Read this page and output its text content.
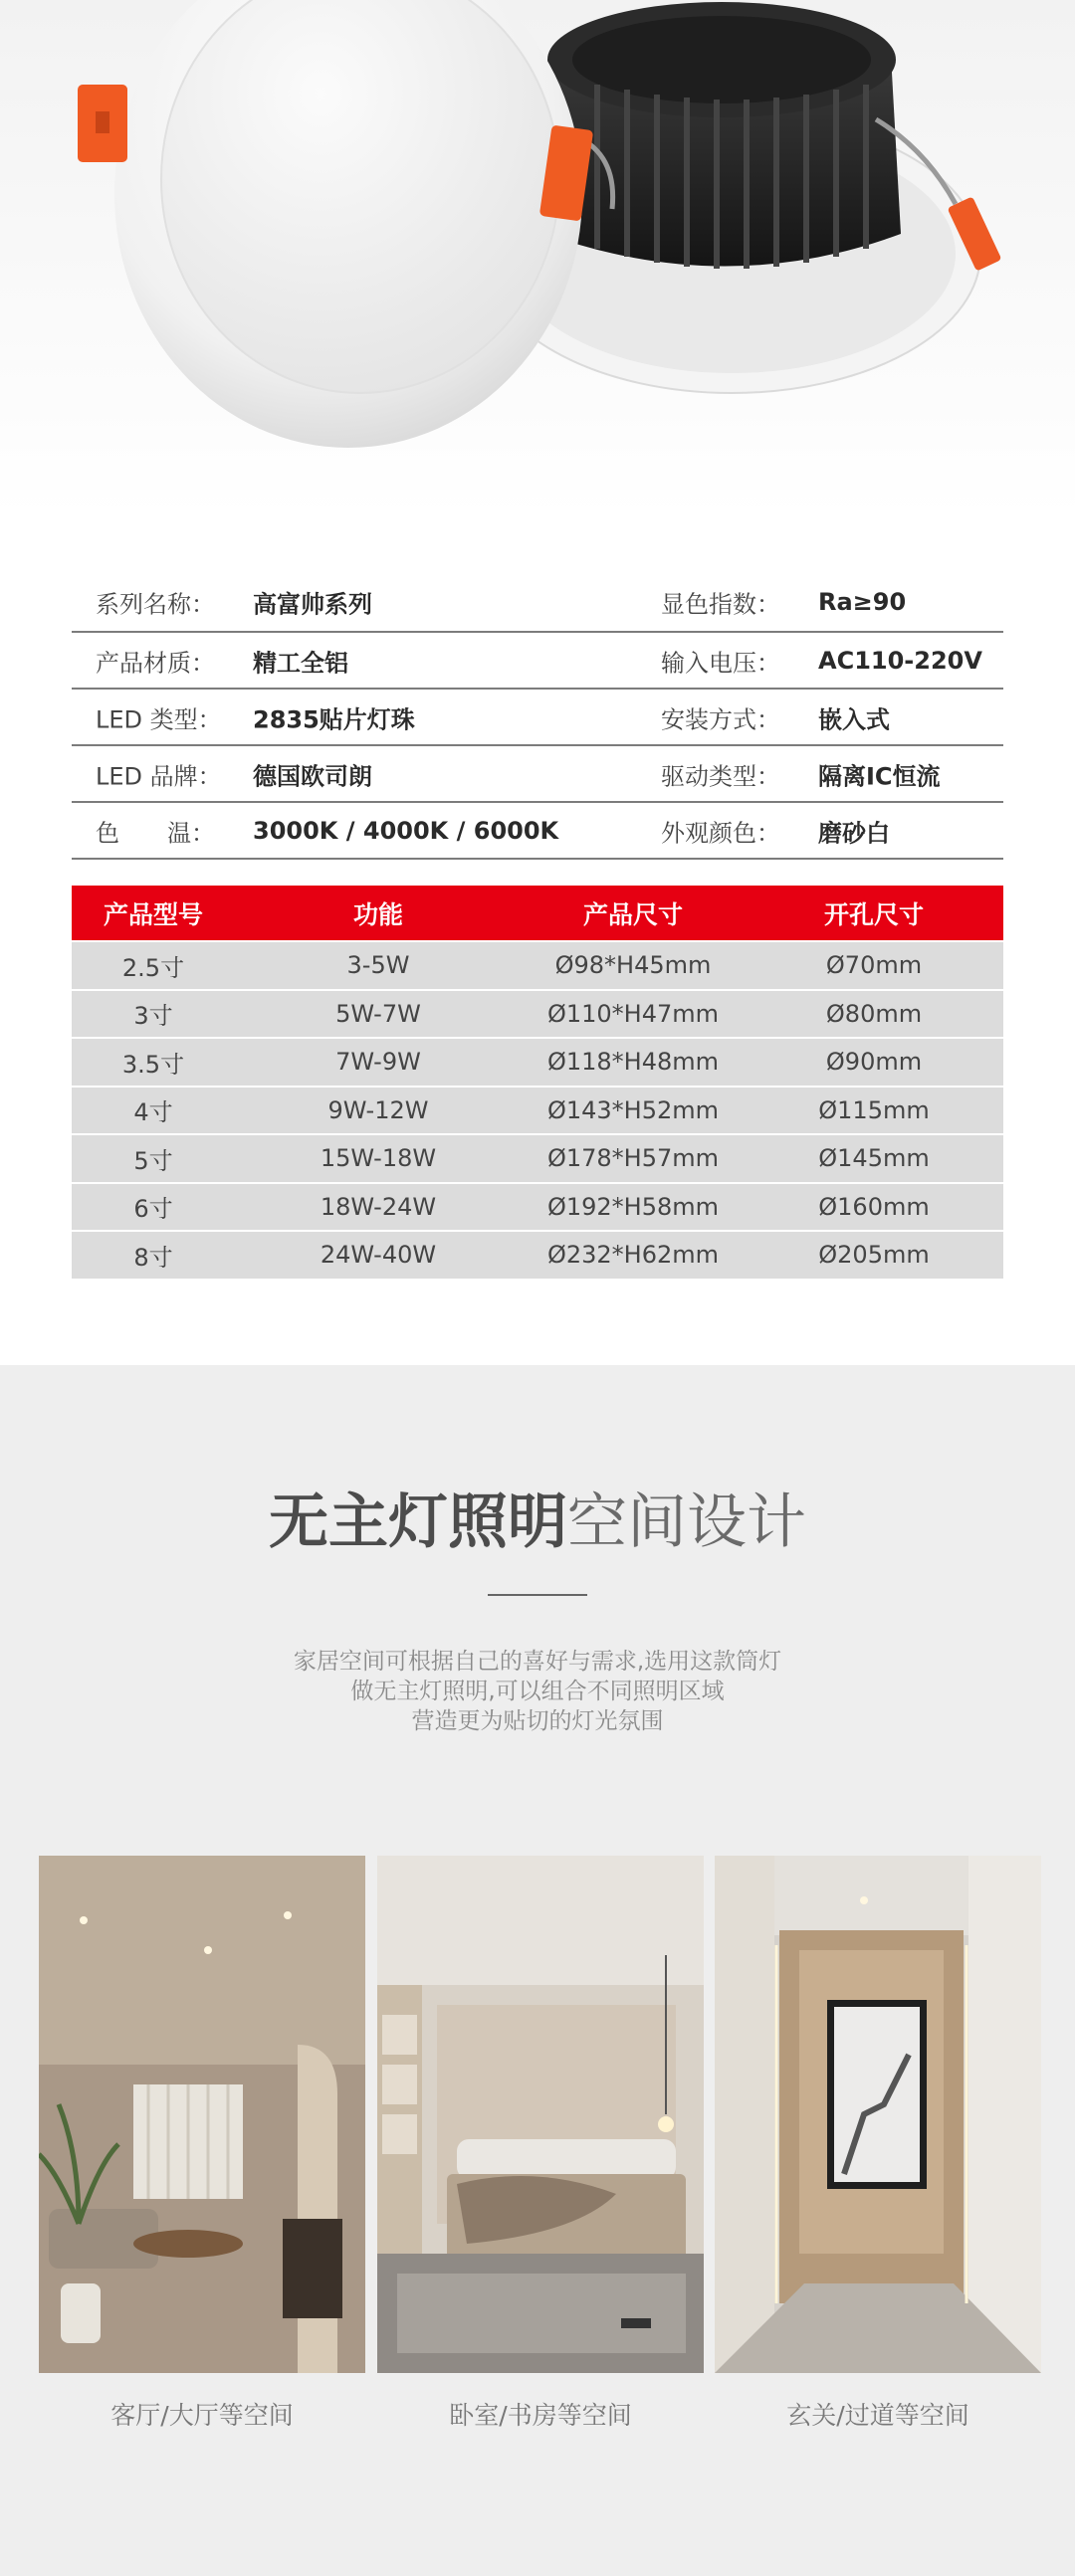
系列名称： 高富帅系列	显色指数： Ra≥90
产品材质： 精工全铝	输入电压： AC110-220V
LED 类型： 2835贴片灯珠	安装方式： 嵌入式
LED 品牌： 德国欧司朗	驱动类型： 隔离IC恒流
色　　温： 3000K / 4000K / 6000K	外观颜色： 磨砂白
产品型号	功能	产品尺寸	开孔尺寸
2.5寸	3-5W	Ø98*H45mm	Ø70mm
3寸	5W-7W	Ø110*H47mm	Ø80mm
3.5寸	7W-9W	Ø118*H48mm	Ø90mm
4寸	9W-12W	Ø143*H52mm	Ø115mm
5寸	15W-18W	Ø178*H57mm	Ø145mm
6寸	18W-24W	Ø192*H58mm	Ø160mm
8寸	24W-40W	Ø232*H62mm	Ø205mm
无主灯照明空间设计
家居空间可根据自己的喜好与需求,选用这款筒灯
做无主灯照明,可以组合不同照明区域
营造更为贴切的灯光氛围
客厅/大厅等空间	卧室/书房等空间	玄关/过道等空间
